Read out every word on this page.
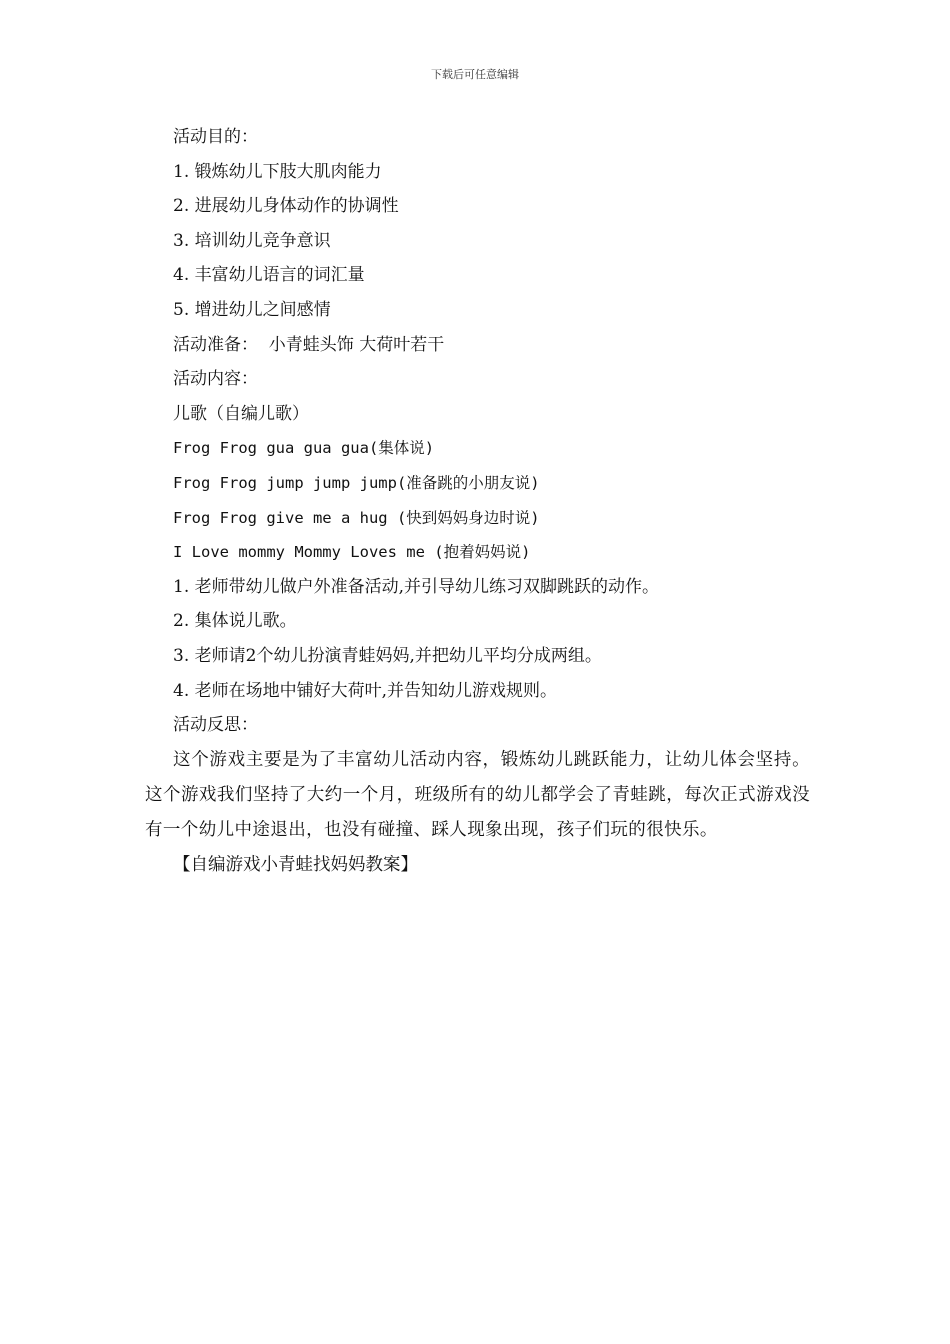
下载后可任意编辑
活动目的：
1. 锻炼幼儿下肢大肌肉能力
2. 进展幼儿身体动作的协调性
3. 培训幼儿竞争意识
4. 丰富幼儿语言的词汇量
5. 增进幼儿之间感情
活动准备：  小青蛙头饰 大荷叶若干
活动内容：
儿歌（自编儿歌）
Frog Frog gua gua gua(集体说)
Frog Frog jump jump jump(准备跳的小朋友说)
Frog Frog give me a hug (快到妈妈身边时说)
I Love mommy Mommy Loves me (抱着妈妈说)
1. 老师带幼儿做户外准备活动,并引导幼儿练习双脚跳跃的动作。
2. 集体说儿歌。
3. 老师请2个幼儿扮演青蛙妈妈,并把幼儿平均分成两组。
4. 老师在场地中铺好大荷叶,并告知幼儿游戏规则。
活动反思：

这个游戏主要是为了丰富幼儿活动内容，锻炼幼儿跳跃能力，让幼儿体会坚持。这个游戏我们坚持了大约一个月，班级所有的幼儿都学会了青蛙跳，每次正式游戏没有一个幼儿中途退出，也没有碰撞、踩人现象出现，孩子们玩的很快乐。

【自编游戏小青蛙找妈妈教案】
